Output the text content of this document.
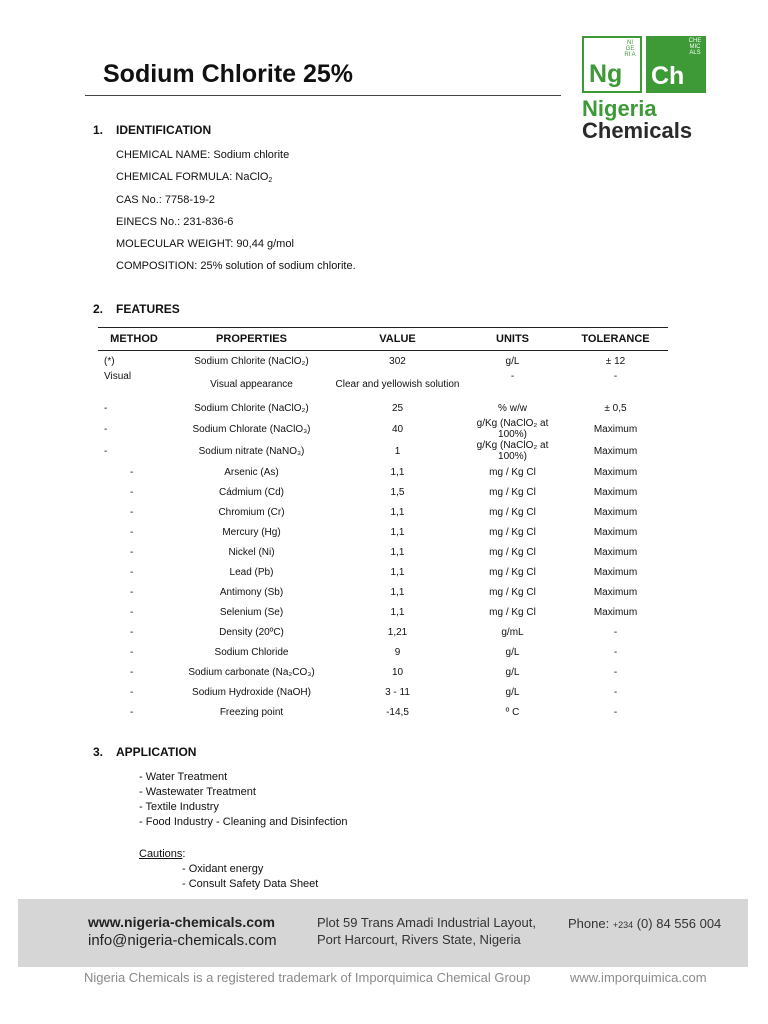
Sodium Chlorite 25%
NI GE RI A
Ng
CHE MIC ALS
Ch
Nigeria
Chemicals
1. IDENTIFICATION
CHEMICAL NAME: Sodium chlorite
CHEMICAL FORMULA: NaClO$_2$
CAS No.: 7758-19-2
EINECS No.: 231-836-6
MOLECULAR WEIGHT: 90,44 g/mol
COMPOSITION: 25% solution of sodium chlorite.
2. FEATURES
METHOD	PROPERTIES	VALUE	UNITS	TOLERANCE
(*)	Sodium Chlorite (NaClO₂)	302	g/L	± 12
Visual	Visual appearance	Clear and yellowish solution	-	-
-	Sodium Chlorite (NaClO₂)	25	% w/w	± 0,5
-	Sodium Chlorate (NaClO₃)	40	g/Kg (NaClO₂ at 100%)	Maximum
-	Sodium nitrate (NaNO₃)	1	g/Kg (NaClO₂ at 100%)	Maximum
-	Arsenic (As)	1,1	mg / Kg Cl	Maximum
-	Cádmium (Cd)	1,5	mg / Kg Cl	Maximum
-	Chromium (Cr)	1,1	mg / Kg Cl	Maximum
-	Mercury (Hg)	1,1	mg / Kg Cl	Maximum
-	Nickel (Ni)	1,1	mg / Kg Cl	Maximum
-	Lead (Pb)	1,1	mg / Kg Cl	Maximum
-	Antimony (Sb)	1,1	mg / Kg Cl	Maximum
-	Selenium (Se)	1,1	mg / Kg Cl	Maximum
-	Density (20ºC)	1,21	g/mL	-
-	Sodium Chloride	9	g/L	-
-	Sodium carbonate (Na₂CO₃)	10	g/L	-
-	Sodium Hydroxide (NaOH)	3 - 11	g/L	-
-	Freezing point	-14,5	º C	-
3. APPLICATION
- Water Treatment
- Wastewater Treatment
- Textile Industry
- Food Industry - Cleaning and Disinfection
Cautions:
- Oxidant energy
- Consult Safety Data Sheet
www.nigeria-chemicals.com
info@nigeria-chemicals.com
Plot 59 Trans Amadi Industrial Layout,
Port Harcourt, Rivers State, Nigeria
Phone: +234 (0) 84 556 004
Nigeria Chemicals is a registered trademark of Imporquimica Chemical Group	www.imporquimica.com
